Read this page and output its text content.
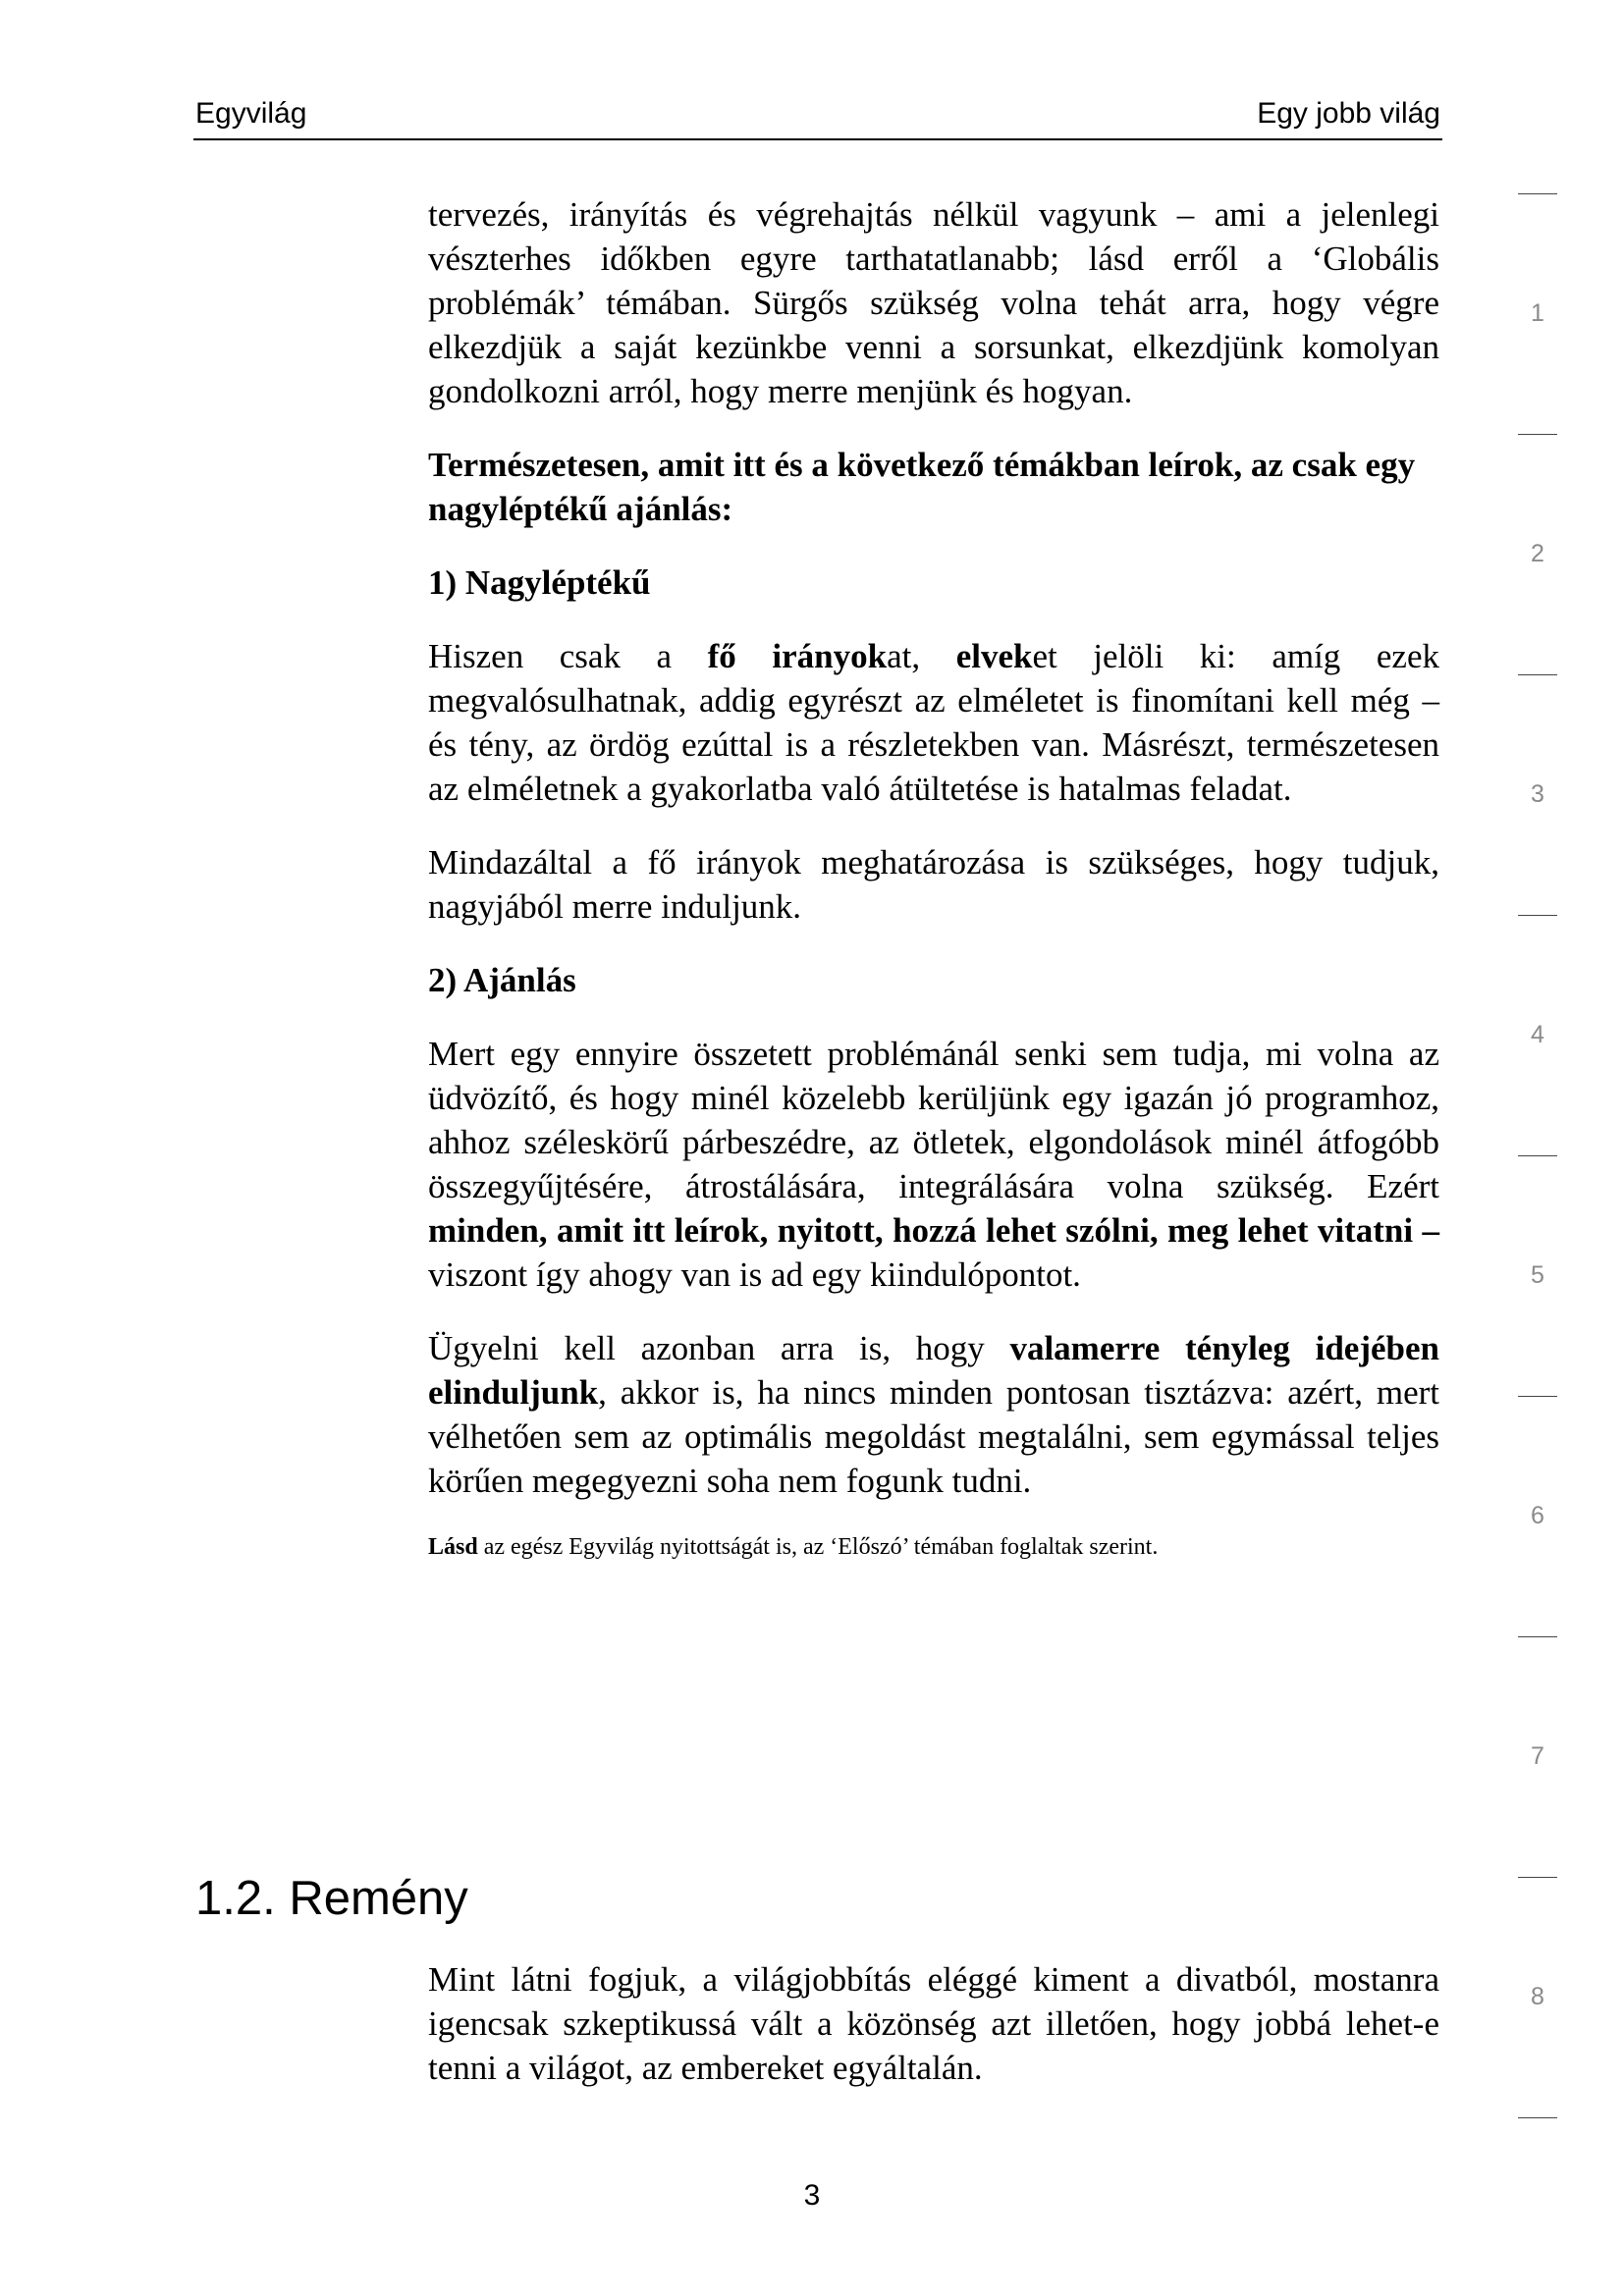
Egyvilág	Egy jobb világ

tervezés, irányítás és végrehajtás nélkül vagyunk – ami a jelenlegi vészterhes időkben egyre tarthatatlanabb; lásd erről a ‘Globális problémák’ témában. Sürgős szükség volna tehát arra, hogy végre elkezdjük a saját kezünkbe venni a sorsunkat, elkezdjünk komolyan gondolkozni arról, hogy merre menjünk és hogyan.

Természetesen, amit itt és a következő témákban leírok, az csak egy nagyléptékű ajánlás:

1) Nagyléptékű

Hiszen csak a fő irányokat, elveket jelöli ki: amíg ezek megvalósulhatnak, addig egyrészt az elméletet is finomítani kell még – és tény, az ördög ezúttal is a részletekben van. Másrészt, természetesen az elméletnek a gyakorlatba való átültetése is hatalmas feladat.

Mindazáltal a fő irányok meghatározása is szükséges, hogy tudjuk, nagyjából merre induljunk.

2) Ajánlás

Mert egy ennyire összetett problémánál senki sem tudja, mi volna az üdvözítő, és hogy minél közelebb kerüljünk egy igazán jó programhoz, ahhoz széleskörű párbeszédre, az ötletek, elgondolások minél átfogóbb összegyűjtésére, átrostálására, integrálására volna szükség. Ezért minden, amit itt leírok, nyitott, hozzá lehet szólni, meg lehet vitatni – viszont így ahogy van is ad egy kiindulópontot.

Ügyelni kell azonban arra is, hogy valamerre tényleg idejében elinduljunk, akkor is, ha nincs minden pontosan tisztázva: azért, mert vélhetően sem az optimális megoldást megtalálni, sem egymással teljes körűen megegyezni soha nem fogunk tudni.

Lásd az egész Egyvilág nyitottságát is, az ‘Előszó’ témában foglaltak szerint.

1.2. Remény

Mint látni fogjuk, a világjobbítás eléggé kiment a divatból, mostanra igencsak szkeptikussá vált a közönség azt illetően, hogy jobbá lehet-e tenni a világot, az embereket egyáltalán.

1
2
3
4
5
6
7
8
3
